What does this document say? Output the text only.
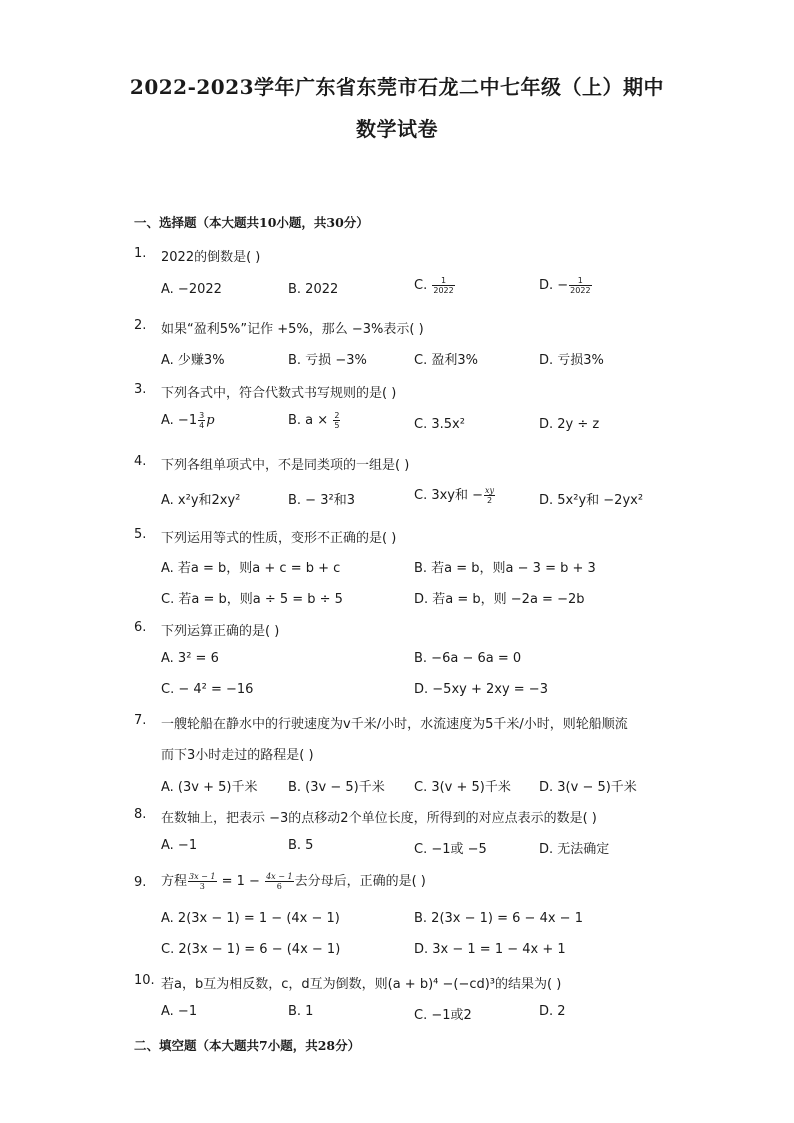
2022-2023学年广东省东莞市石龙二中七年级（上）期中
数学试卷
一、选择题（本大题共10小题，共30分）
1. 2022的倒数是( )
A. −2022	B. 2022	C. $\frac{1}{2022}$	D. − $\frac{1}{2022}$
2. 如果“盈利5%”记作 +5%，那么 −3%表示( )
A. 少赚3%	B. 亏损 −3%	C. 盈利3%	D. 亏损3%
3. 下列各式中，符合代数式书写规则的是( )
A. $-1 \frac{3}{4}$ p	B. $a \times \frac{2}{5}$	C. 3.5x²	D. 2y ÷ z
4. 下列各组单项式中，不是同类项的一组是( )
A. x²y和2xy²	B. − 3²和3	C. 3xy和 − $\frac{xy}{2}$	D. 5x²y和 −2yx²
5. 下列运用等式的性质，变形不正确的是( )
A. 若a = b，则a + c = b + c	B. 若a = b，则a − 3 = b + 3
C. 若a = b，则a ÷ 5 = b ÷ 5	D. 若a = b，则 −2a = −2b
6. 下列运算正确的是( )
A. 3² = 6	B. −6a − 6a = 0
C. − 4² = −16	D. −5xy + 2xy = −3
7. 一艘轮船在静水中的行驶速度为v千米/小时，水流速度为5千米/小时，则轮船顺流
而下3小时走过的路程是( )
A. (3v + 5)千米 B. (3v − 5)千米 C. 3(v + 5)千米 D. 3(v − 5)千米
8. 在数轴上，把表示 −3的点移动2个单位长度，所得到的对应点表示的数是( )
A. −1	B. 5	C. −1或 −5	D. 无法确定
9. 方程 $\frac{3x - 1}{3} = 1 - \frac{4x - 1}{6}$ 去分母后，正确的是( )
A. 2(3x − 1) = 1 − (4x − 1)	B. 2(3x − 1) = 6 − 4x − 1
C. 2(3x − 1) = 6 − (4x − 1)	D. 3x − 1 = 1 − 4x + 1
10. 若a，b互为相反数，c，d互为倒数，则(a + b)⁴ −(−cd)³的结果为( )
A. −1	B. 1	C. −1或2	D. 2
二、填空题（本大题共7小题，共28分）
